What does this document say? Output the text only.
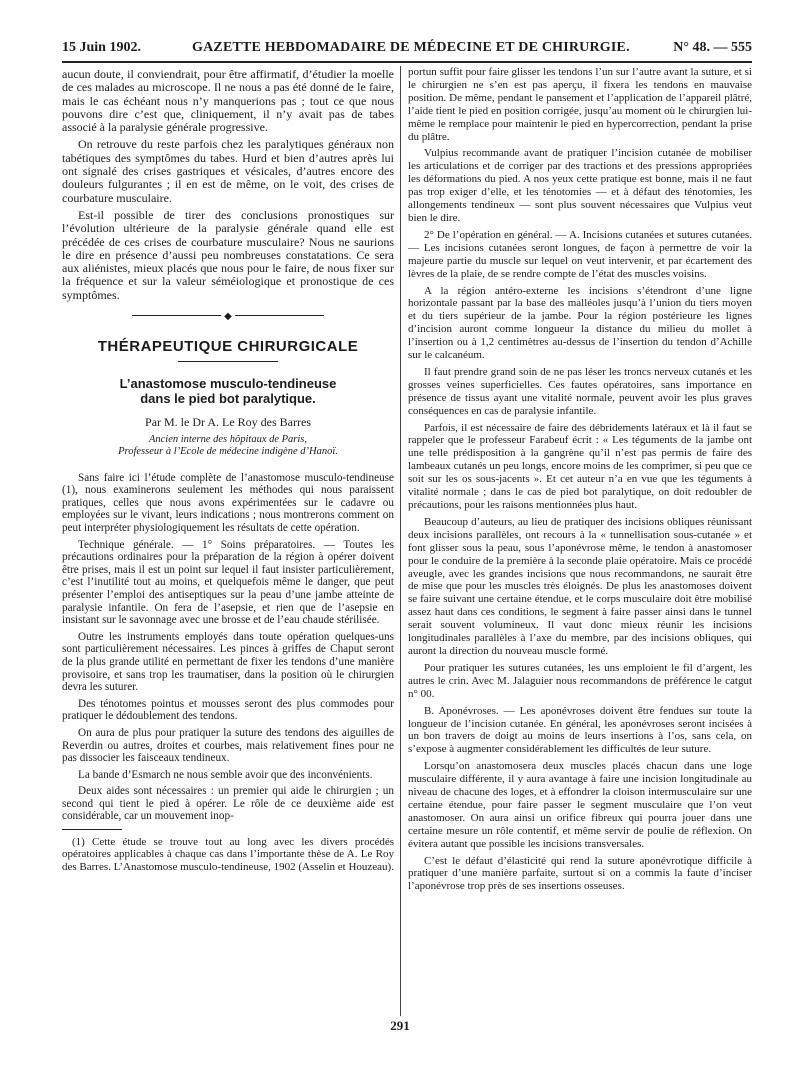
15 Juin 1902.	GAZETTE HEBDOMADAIRE DE MÉDECINE ET DE CHIRURGIE.	N° 48. — 555

aucun doute, il conviendrait, pour être affirmatif, d’étudier la moelle de ces malades au microscope. Il ne nous a pas été donné de le faire, mais le cas échéant nous n’y manquerions pas ; tout ce que nous pouvons dire c’est que, cliniquement, il n’y avait pas de tabes associé à la paralysie générale progressive.

On retrouve du reste parfois chez les paralytiques généraux non tabétiques des symptômes du tabes. Hurd et bien d’autres après lui ont signalé des crises gastriques et vésicales, d’autres encore des douleurs fulgurantes ; il en est de même, on le voit, des crises de courbature musculaire.

Est-il possible de tirer des conclusions pronostiques sur l’évolution ultérieure de la paralysie générale quand elle est précédée de ces crises de courbature musculaire? Nous ne saurions le dire en présence d’aussi peu nombreuses constatations. Ce sera aux aliénistes, mieux placés que nous pour le faire, de nous fixer sur la fréquence et sur la valeur séméiologique et pronostique de ces symptômes.

◆
THÉRAPEUTIQUE CHIRURGICALE
L’anastomose musculo-tendineuse
dans le pied bot paralytique.
Par M. le Dr A. Le Roy des Barres
Ancien interne des hôpitaux de Paris,
Professeur à l’Ecole de médecine indigène d’Hanoï.

Sans faire ici l’étude complète de l’anastomose musculo-tendineuse (1), nous examinerons seulement les méthodes qui nous paraissent pratiques, celles que nous avons expérimentées sur le cadavre ou employées sur le vivant, leurs indications ; nous montrerons comment on peut interpréter physiologiquement les résultats de cette opération.

Technique générale. — 1° Soins préparatoires. — Toutes les précautions ordinaires pour la préparation de la région à opérer doivent être prises, mais il est un point sur lequel il faut insister particulièrement, c’est l’inutilité tout au moins, et quelquefois même le danger, que peut présenter l’emploi des antiseptiques sur la peau d’une jambe atteinte de paralysie infantile. On fera de l’asepsie, et rien que de l’asepsie en insistant sur le savonnage avec une brosse et de l’eau chaude stérilisée.

Outre les instruments employés dans toute opération quelques-uns sont particulièrement nécessaires. Les pinces à griffes de Chaput seront de la plus grande utilité en permettant de fixer les tendons d’une manière provisoire, et sans trop les traumatiser, dans la position où le chirurgien devra les suturer.

Des ténotomes pointus et mousses seront des plus commodes pour pratiquer le dédoublement des tendons.

On aura de plus pour pratiquer la suture des tendons des aiguilles de Reverdin ou autres, droites et courbes, mais relativement fines pour ne pas dissocier les faisceaux tendineux.

La bande d’Esmarch ne nous semble avoir que des inconvénients.

Deux aides sont nécessaires : un premier qui aide le chirurgien ; un second qui tient le pied à opérer. Le rôle de ce deuxième aide est considérable, car un mouvement inop-

(1) Cette étude se trouve tout au long avec les divers procédés opératoires applicables à chaque cas dans l’importante thèse de A. Le Roy des Barres. L’Anastomose musculo-tendineuse, 1902 (Asselin et Houzeau).

portun suffit pour faire glisser les tendons l’un sur l’autre avant la suture, et si le chirurgien ne s’en est pas aperçu, il fixera les tendons en mauvaise position. De même, pendant le pansement et l’application de l’appareil plâtré, l’aide tient le pied en position corrigée, jusqu’au moment où le chirurgien lui-même le remplace pour maintenir le pied en hypercorrection, pendant la prise du plâtre.

Vulpius recommande avant de pratiquer l’incision cutanée de mobiliser les articulations et de corriger par des tractions et des pressions appropriées les déformations du pied. A nos yeux cette pratique est bonne, mais il ne faut pas trop exiger d’elle, et les ténotomies — et à défaut des ténotomies, les allongements tendineux — sont plus souvent nécessaires que Vulpius veut bien le dire.

2° De l’opération en général. — A. Incisions cutanées et sutures cutanées. — Les incisions cutanées seront longues, de façon à permettre de voir la majeure partie du muscle sur lequel on veut intervenir, et par écartement des lèvres de la plaie, de se rendre compte de l’état des muscles voisins.

A la région antéro-externe les incisions s’étendront d’une ligne horizontale passant par la base des malléoles jusqu’à l’union du tiers moyen et du tiers supérieur de la jambe. Pour la région postérieure les lignes d’incision auront comme longueur la distance du milieu du mollet à l’insertion ou à 1,2 centimètres au-dessus de l’insertion du tendon d’Achille sur le calcanéum.

Il faut prendre grand soin de ne pas léser les troncs nerveux cutanés et les grosses veines superficielles. Ces fautes opératoires, sans importance en présence de tissus ayant une vitalité normale, peuvent avoir les plus graves conséquences en cas de paralysie infantile.

Parfois, il est nécessaire de faire des débridements latéraux et là il faut se rappeler que le professeur Farabeuf écrit : « Les téguments de la jambe ont une telle prédisposition à la gangrène qu’il n’est pas permis de faire des lambeaux cutanés un peu longs, encore moins de les comprimer, si peu que ce soit sur les os sous-jacents ». Et cet auteur n’a en vue que les téguments à vitalité normale ; dans le cas de pied bot paralytique, on doit redoubler de précautions, pour les raisons mentionnées plus haut.

Beaucoup d’auteurs, au lieu de pratiquer des incisions obliques réunissant deux incisions parallèles, ont recours à la « tunnellisation sous-cutanée » et font glisser sous la peau, sous l’aponévrose même, le tendon à anastomoser pour le conduire de la première à la seconde plaie opératoire. Mais ce procédé aveugle, avec les grandes incisions que nous recommandons, ne saurait être de mise que pour les muscles très éloignés. De plus les anastomoses doivent se faire suivant une certaine étendue, et le corps musculaire doit être mobilisé assez haut dans ces conditions, le segment à faire passer ainsi dans le tunnel serait souvent volumineux. Il vaut donc mieux réunir les incisions longitudinales parallèles à l’axe du membre, par des incisions obliques, qui auront la direction du nouveau muscle formé.

Pour pratiquer les sutures cutanées, les uns emploient le fil d’argent, les autres le crin. Avec M. Jalaguier nous recommandons de préférence le catgut n° 00.

B. Aponévroses. — Les aponévroses doivent être fendues sur toute la longueur de l’incision cutanée. En général, les aponévroses seront incisées à un bon travers de doigt au moins de leurs insertions à l’os, sans cela, on s’expose à augmenter considérablement les difficultés de leur suture.

Lorsqu’on anastomosera deux muscles placés chacun dans une loge musculaire différente, il y aura avantage à faire une incision longitudinale au niveau de chacune des loges, et à effondrer la cloison intermusculaire sur une certaine étendue, pour faire passer le segment musculaire que l’on veut anastomoser. On aura ainsi un orifice fibreux qui pourra jouer dans une certaine mesure un rôle contentif, et même servir de poulie de réflexion. On évitera autant que possible les incisions transversales.

C’est le défaut d’élasticité qui rend la suture aponévrotique difficile à pratiquer d’une manière parfaite, surtout si on a commis la faute d’inciser l’aponévrose trop près de ses insertions osseuses.

291
